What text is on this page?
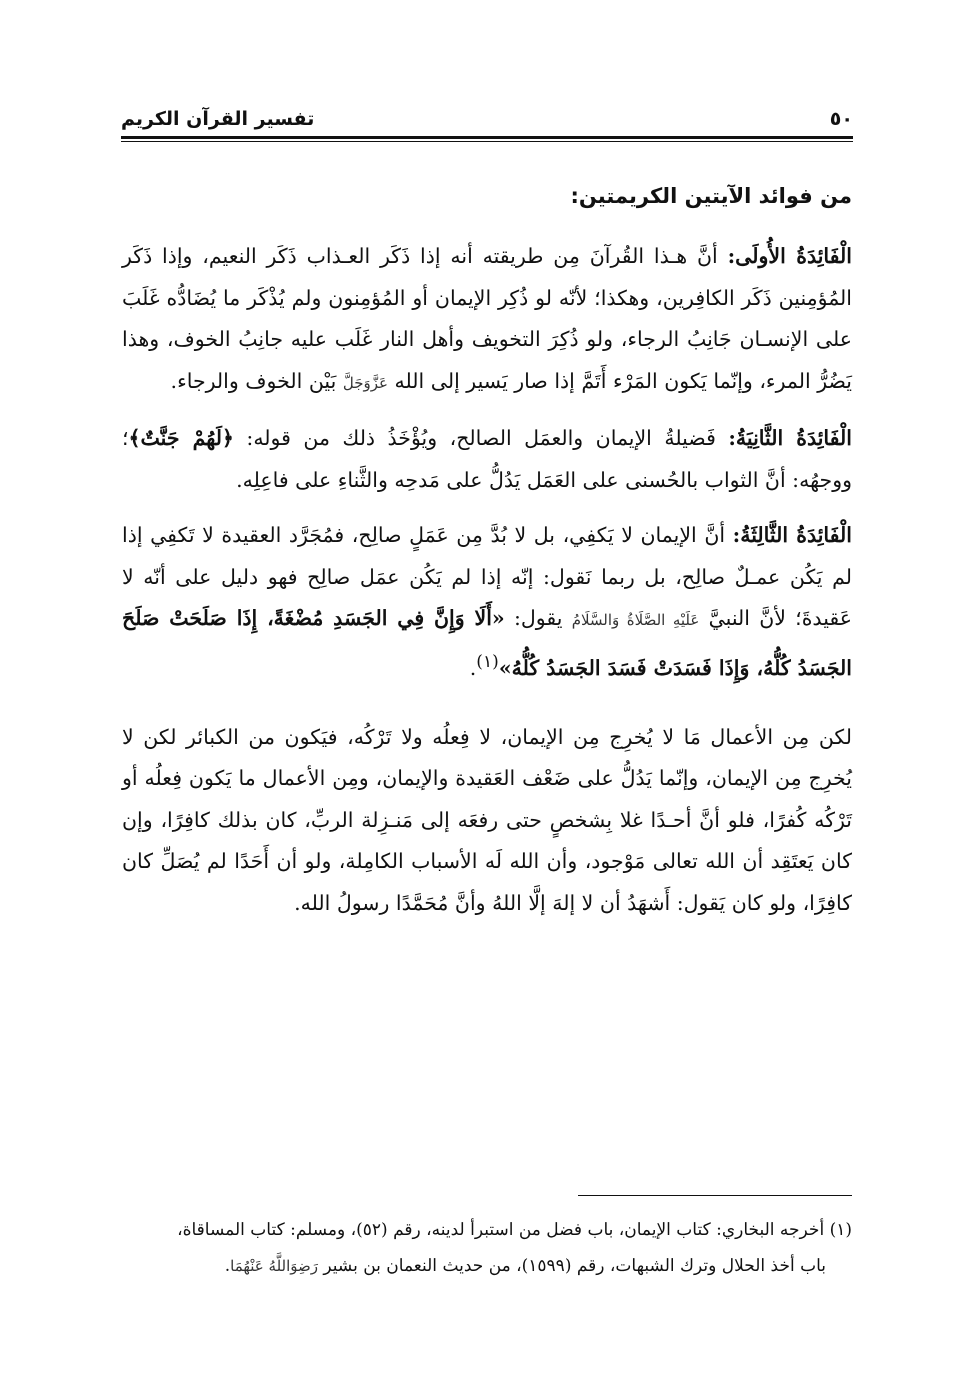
٥٠
تفسير القرآن الكريم
من فوائد الآيتين الكريمتين:

الْفَائِدَةُ الأُولَى: أنَّ هـذا القُرآنَ مِن طريقته أنه إذا ذَكَر العـذاب ذَكَر النعيم، وإذا ذَكَر المُؤمِنين ذَكَر الكافِرين، وهكذا؛ لأنّه لو ذُكِر الإيمان أو المُؤمِنون ولم يُذْكَر ما يُضَادُّه غَلَبَ على الإنسـان جَانِبُ الرجاء، ولو ذُكِرَ التخويف وأهل النار غَلَب عليه جانِبُ الخوف، وهذا يَضُرُّ المرء، وإنّما يَكون المَرْء أَتَمَّ إذا صار يَسير إلى الله عَزَّوَجَلَّ بَيْن الخوف والرجاء.

الْفَائِدَةُ الثَّانِيَةُ: فَضيلةُ الإيمان والعمَل الصالح، ويُؤْخَذُ ذلك من قوله: ﴿لَهُمْ جَنَّتٌ﴾؛ ووجهُه: أنَّ الثواب بالحُسنى على العَمَل يَدُلُّ على مَدحِه والثَّناءِ على فاعِلِه.

الْفَائِدَةُ الثَّالِثَةُ: أنَّ الإيمان لا يَكفِي، بل لا بُدَّ مِن عَمَلٍ صالِح، فمُجَرَّد العقيدة لا تَكفِي إذا لم يَكُن عمـلٌ صالِح، بل ربما نَقول: إنّه إذا لم يَكُن عمَل صالِح فهو دليل على أنّه لا عَقيدةَ؛ لأنَّ النبيَّ عَلَيْهِ الصَّلَاةُ وَالسَّلَامُ يقول: «أَلَا وَإِنَّ فِي الجَسَدِ مُضْغَةً، إِذَا صَلَحَتْ صَلَحَ الجَسَدُ كُلُّهُ، وَإِذَا فَسَدَتْ فَسَدَ الجَسَدُ كُلُّهُ»$^{(١)}$.

لكن مِن الأعمال مَا لا يُخرِج مِن الإيمان، لا فِعلُه ولا تَرْكُه، فيَكون من الكبائر لكن لا يُخرِج مِن الإيمان، وإنّما يَدُلُّ على ضَعْف العَقيدة والإيمان، ومِن الأعمال ما يَكون فِعلُه أو تَرْكُه كُفرًا، فلو أنَّ أحـدًا غلا بِشخصٍ حتى رفعَه إلى مَنـزِلة الربِّ، كان بذلك كافِرًا، وإن كان يَعتَقِد أن الله تعالى مَوْجود، وأن الله لَه الأسباب الكامِلة، ولو أن أَحَدًا لم يُصَلِّ كان كافِرًا، ولو كان يَقول: أَشهَدُ أن لا إلهَ إلَّا اللهُ وأنَّ مُحَمَّدًا رسولُ الله.

(١) أخرجه البخاري: كتاب الإيمان، باب فضل من استبرأ لدينه، رقم (٥٢)، ومسلم: كتاب المساقاة،
باب أخذ الحلال وترك الشبهات، رقم (١٥٩٩)، من حديث النعمان بن بشير رَضِوَاللَّهُ عَنْهُمَا.
